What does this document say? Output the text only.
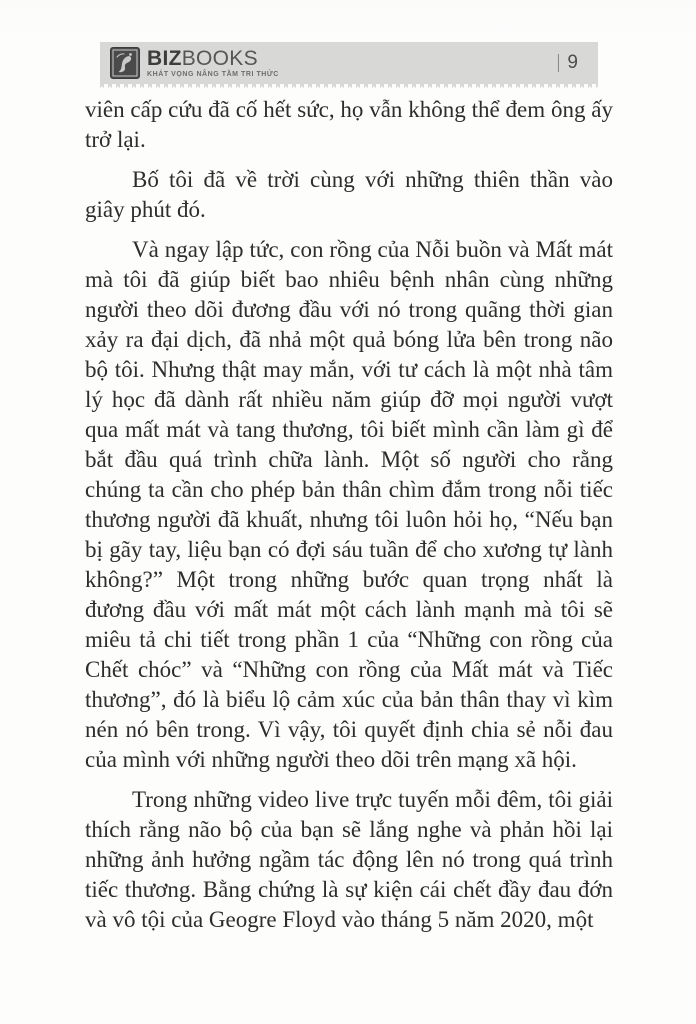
BIZBOOKS
KHÁT VỌNG NÂNG TẦM TRI THỨC
| 9

viên cấp cứu đã cố hết sức, họ vẫn không thể đem ông ấy trở lại.

Bố tôi đã về trời cùng với những thiên thần vào giây phút đó.

Và ngay lập tức, con rồng của Nỗi buồn và Mất mát mà tôi đã giúp biết bao nhiêu bệnh nhân cùng những người theo dõi đương đầu với nó trong quãng thời gian xảy ra đại dịch, đã nhả một quả bóng lửa bên trong não bộ tôi. Nhưng thật may mắn, với tư cách là một nhà tâm lý học đã dành rất nhiều năm giúp đỡ mọi người vượt qua mất mát và tang thương, tôi biết mình cần làm gì để bắt đầu quá trình chữa lành. Một số người cho rằng chúng ta cần cho phép bản thân chìm đắm trong nỗi tiếc thương người đã khuất, nhưng tôi luôn hỏi họ, “Nếu bạn bị gãy tay, liệu bạn có đợi sáu tuần để cho xương tự lành không?” Một trong những bước quan trọng nhất là đương đầu với mất mát một cách lành mạnh mà tôi sẽ miêu tả chi tiết trong phần 1 của “Những con rồng của Chết chóc” và “Những con rồng của Mất mát và Tiếc thương”, đó là biểu lộ cảm xúc của bản thân thay vì kìm nén nó bên trong. Vì vậy, tôi quyết định chia sẻ nỗi đau của mình với những người theo dõi trên mạng xã hội.

Trong những video live trực tuyến mỗi đêm, tôi giải thích rằng não bộ của bạn sẽ lắng nghe và phản hồi lại những ảnh hưởng ngầm tác động lên nó trong quá trình tiếc thương. Bằng chứng là sự kiện cái chết đầy đau đớn và vô tội của Geogre Floyd vào tháng 5 năm 2020, một
